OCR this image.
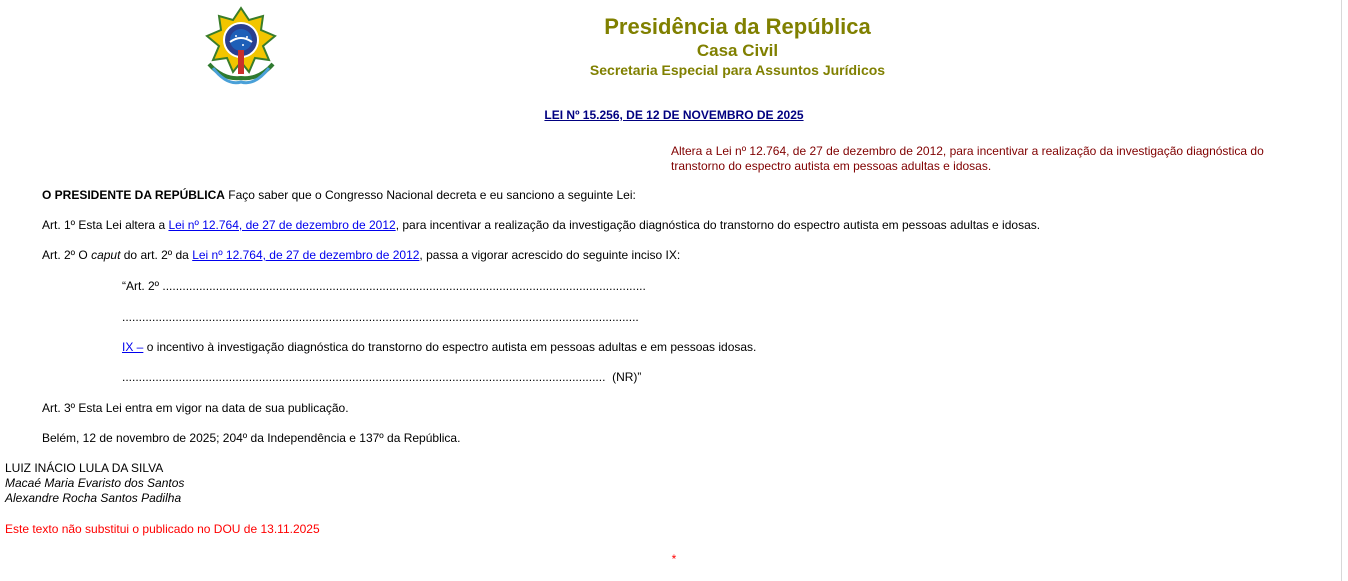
Presidência da República
Casa Civil
Secretaria Especial para Assuntos Jurídicos
LEI Nº 15.256, DE 12 DE NOVEMBRO DE 2025
Altera a Lei nº 12.764, de 27 de dezembro de 2012, para incentivar a realização da investigação diagnóstica do transtorno do espectro autista em pessoas adultas e idosas.
O PRESIDENTE DA REPÚBLICA Faço saber que o Congresso Nacional decreta e eu sanciono a seguinte Lei:
Art. 1º Esta Lei altera a Lei nº 12.764, de 27 de dezembro de 2012, para incentivar a realização da investigação diagnóstica do transtorno do espectro autista em pessoas adultas e idosas.
Art. 2º O caput do art. 2º da Lei nº 12.764, de 27 de dezembro de 2012, passa a vigorar acrescido do seguinte inciso IX:
“Art. 2º .................................................................................................................................................
...........................................................................................................................................................
IX – o incentivo à investigação diagnóstica do transtorno do espectro autista em pessoas adultas e em pessoas idosas.
.................................................................................................................................................  (NR)”
Art. 3º Esta Lei entra em vigor na data de sua publicação.
Belém, 12 de novembro de 2025; 204º da Independência e 137º da República.
LUIZ INÁCIO LULA DA SILVA
Macaé Maria Evaristo dos Santos
Alexandre Rocha Santos Padilha
Este texto não substitui o publicado no DOU de 13.11.2025
*
